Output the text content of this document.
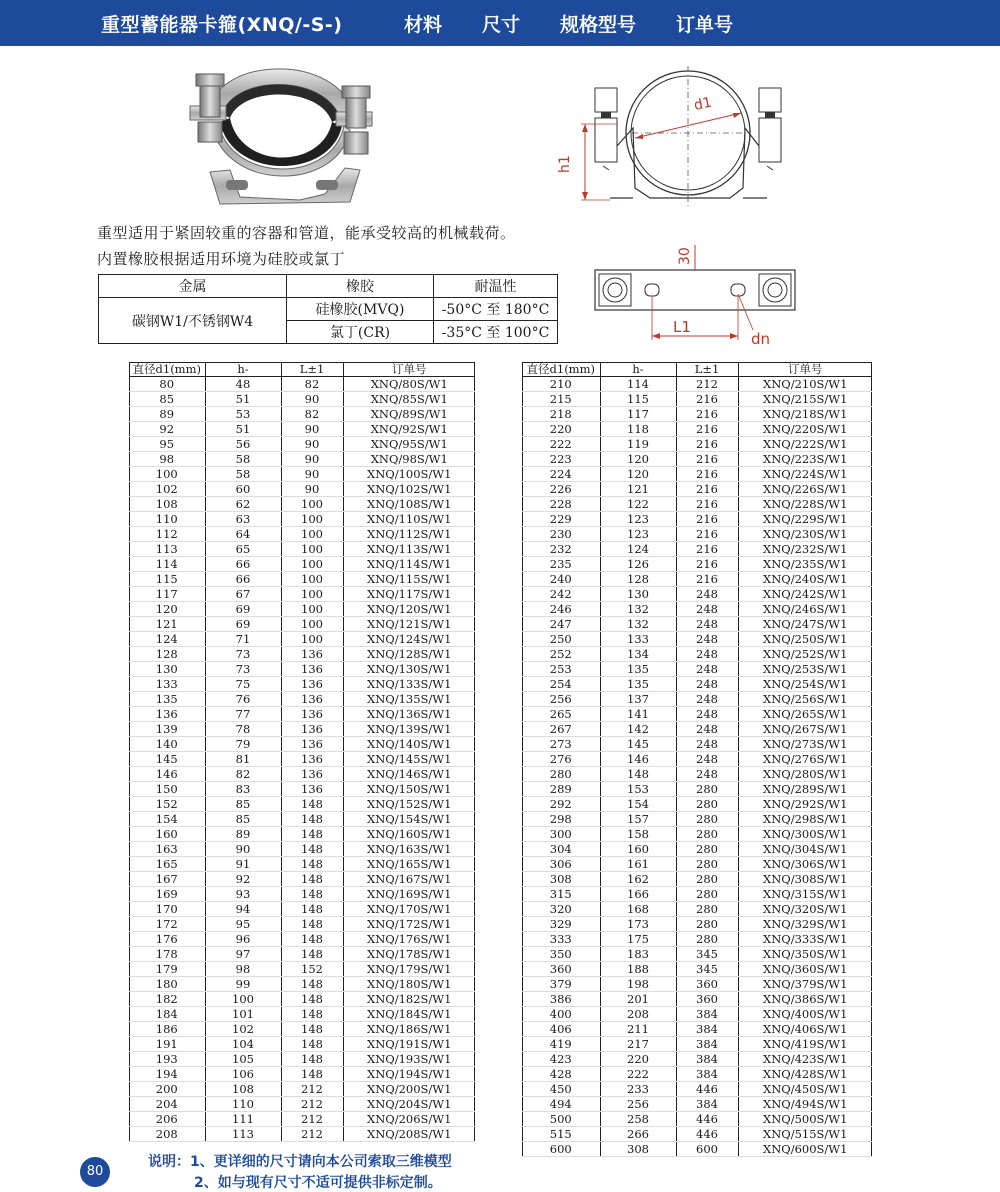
重型蓄能器卡箍(XNQ/-S-)	材料 尺寸 规格型号 订单号
d1
h1
30
L1
dn
重型适用于紧固较重的容器和管道，能承受较高的机械载荷。
内置橡胶根据适用环境为硅胶或氯丁
金属	橡胶	耐温性
碳钢W1/不锈钢W4	硅橡胶(MVQ)	-50°C 至 180°C
	氯丁(CR)	-35°C 至 100°C
直径d1(mm)	h-	L±1	订单号
80	48	82	XNQ/80S/W1
85	51	90	XNQ/85S/W1
89	53	82	XNQ/89S/W1
92	51	90	XNQ/92S/W1
95	56	90	XNQ/95S/W1
98	58	90	XNQ/98S/W1
100	58	90	XNQ/100S/W1
102	60	90	XNQ/102S/W1
108	62	100	XNQ/108S/W1
110	63	100	XNQ/110S/W1
112	64	100	XNQ/112S/W1
113	65	100	XNQ/113S/W1
114	66	100	XNQ/114S/W1
115	66	100	XNQ/115S/W1
117	67	100	XNQ/117S/W1
120	69	100	XNQ/120S/W1
121	69	100	XNQ/121S/W1
124	71	100	XNQ/124S/W1
128	73	136	XNQ/128S/W1
130	73	136	XNQ/130S/W1
133	75	136	XNQ/133S/W1
135	76	136	XNQ/135S/W1
136	77	136	XNQ/136S/W1
139	78	136	XNQ/139S/W1
140	79	136	XNQ/140S/W1
145	81	136	XNQ/145S/W1
146	82	136	XNQ/146S/W1
150	83	136	XNQ/150S/W1
152	85	148	XNQ/152S/W1
154	85	148	XNQ/154S/W1
160	89	148	XNQ/160S/W1
163	90	148	XNQ/163S/W1
165	91	148	XNQ/165S/W1
167	92	148	XNQ/167S/W1
169	93	148	XNQ/169S/W1
170	94	148	XNQ/170S/W1
172	95	148	XNQ/172S/W1
176	96	148	XNQ/176S/W1
178	97	148	XNQ/178S/W1
179	98	152	XNQ/179S/W1
180	99	148	XNQ/180S/W1
182	100	148	XNQ/182S/W1
184	101	148	XNQ/184S/W1
186	102	148	XNQ/186S/W1
191	104	148	XNQ/191S/W1
193	105	148	XNQ/193S/W1
194	106	148	XNQ/194S/W1
200	108	212	XNQ/200S/W1
204	110	212	XNQ/204S/W1
206	111	212	XNQ/206S/W1
208	113	212	XNQ/208S/W1
直径d1(mm)	h-	L±1	订单号
210	114	212	XNQ/210S/W1
215	115	216	XNQ/215S/W1
218	117	216	XNQ/218S/W1
220	118	216	XNQ/220S/W1
222	119	216	XNQ/222S/W1
223	120	216	XNQ/223S/W1
224	120	216	XNQ/224S/W1
226	121	216	XNQ/226S/W1
228	122	216	XNQ/228S/W1
229	123	216	XNQ/229S/W1
230	123	216	XNQ/230S/W1
232	124	216	XNQ/232S/W1
235	126	216	XNQ/235S/W1
240	128	216	XNQ/240S/W1
242	130	248	XNQ/242S/W1
246	132	248	XNQ/246S/W1
247	132	248	XNQ/247S/W1
250	133	248	XNQ/250S/W1
252	134	248	XNQ/252S/W1
253	135	248	XNQ/253S/W1
254	135	248	XNQ/254S/W1
256	137	248	XNQ/256S/W1
265	141	248	XNQ/265S/W1
267	142	248	XNQ/267S/W1
273	145	248	XNQ/273S/W1
276	146	248	XNQ/276S/W1
280	148	248	XNQ/280S/W1
289	153	280	XNQ/289S/W1
292	154	280	XNQ/292S/W1
298	157	280	XNQ/298S/W1
300	158	280	XNQ/300S/W1
304	160	280	XNQ/304S/W1
306	161	280	XNQ/306S/W1
308	162	280	XNQ/308S/W1
315	166	280	XNQ/315S/W1
320	168	280	XNQ/320S/W1
329	173	280	XNQ/329S/W1
333	175	280	XNQ/333S/W1
350	183	345	XNQ/350S/W1
360	188	345	XNQ/360S/W1
379	198	360	XNQ/379S/W1
386	201	360	XNQ/386S/W1
400	208	384	XNQ/400S/W1
406	211	384	XNQ/406S/W1
419	217	384	XNQ/419S/W1
423	220	384	XNQ/423S/W1
428	222	384	XNQ/428S/W1
450	233	446	XNQ/450S/W1
494	256	384	XNQ/494S/W1
500	258	446	XNQ/500S/W1
515	266	446	XNQ/515S/W1
600	308	600	XNQ/600S/W1
80
说明：1、更详细的尺寸请向本公司索取三维模型
2、如与现有尺寸不适可提供非标定制。
